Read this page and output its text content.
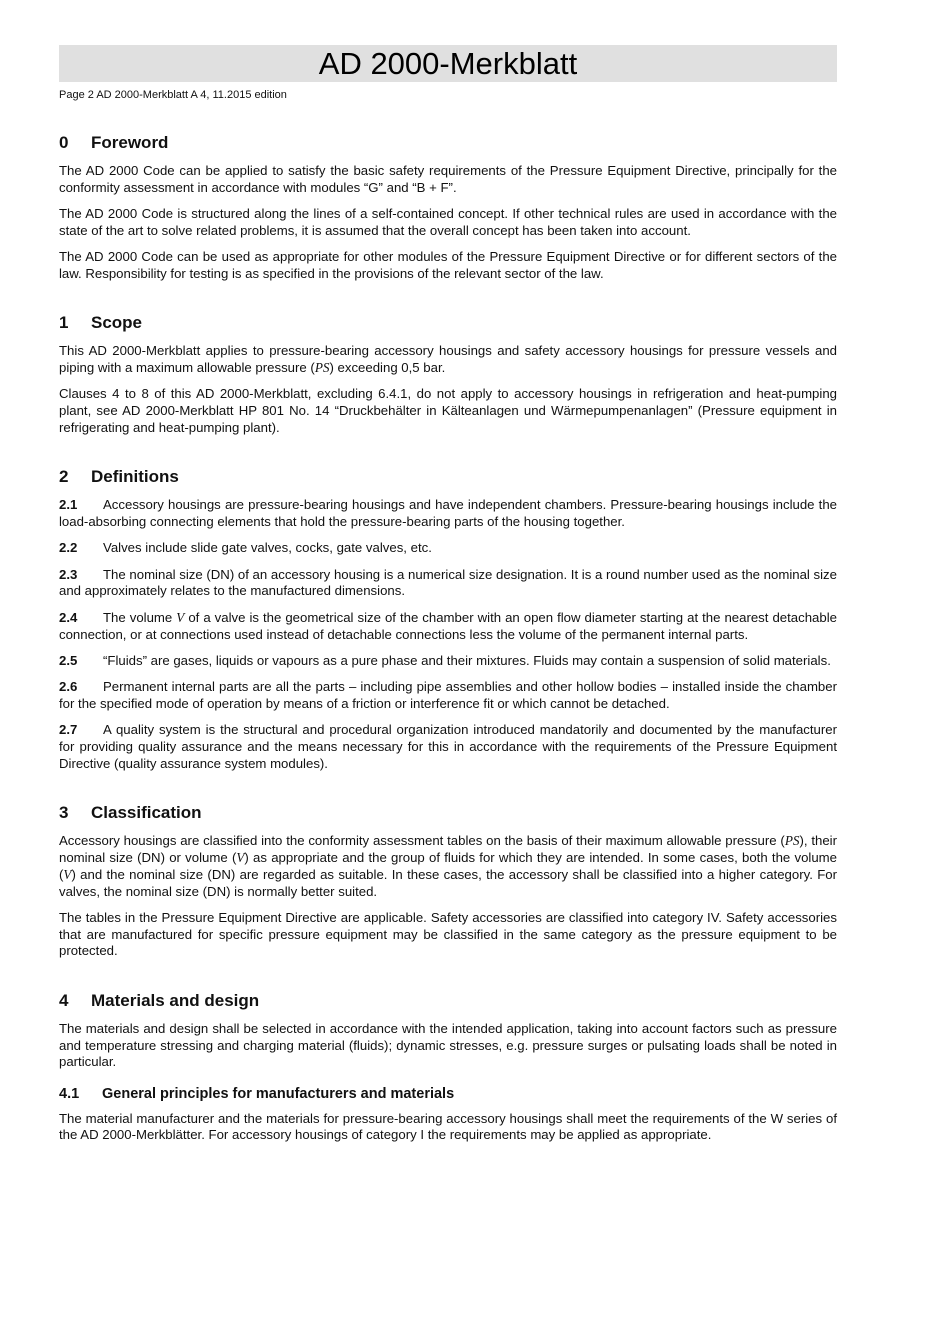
AD 2000-Merkblatt
Page 2 AD 2000-Merkblatt A 4, 11.2015 edition
0 Foreword

The AD 2000 Code can be applied to satisfy the basic safety requirements of the Pressure Equipment Directive, principally for the conformity assessment in accordance with modules “G” and “B + F”.

The AD 2000 Code is structured along the lines of a self-contained concept. If other technical rules are used in accordance with the state of the art to solve related problems, it is assumed that the overall concept has been taken into account.

The AD 2000 Code can be used as appropriate for other modules of the Pressure Equipment Directive or for different sectors of the law. Responsibility for testing is as specified in the provisions of the relevant sector of the law.

1 Scope

This AD 2000-Merkblatt applies to pressure-bearing accessory housings and safety accessory housings for pressure vessels and piping with a maximum allowable pressure (PS) exceeding 0,5 bar.

Clauses 4 to 8 of this AD 2000-Merkblatt, excluding 6.4.1, do not apply to accessory housings in refrigeration and heat-pumping plant, see AD 2000-Merkblatt HP 801 No. 14 “Druckbehälter in Kälteanlagen und Wärmepumpenanlagen” (Pressure equipment in refrigerating and heat-pumping plant).

2 Definitions

2.1 Accessory housings are pressure-bearing housings and have independent chambers. Pressure-bearing housings include the load-absorbing connecting elements that hold the pressure-bearing parts of the housing together.

2.2 Valves include slide gate valves, cocks, gate valves, etc.

2.3 The nominal size (DN) of an accessory housing is a numerical size designation. It is a round number used as the nominal size and approximately relates to the manufactured dimensions.

2.4 The volume V of a valve is the geometrical size of the chamber with an open flow diameter starting at the nearest detachable connection, or at connections used instead of detachable connections less the volume of the permanent internal parts.

2.5 “Fluids” are gases, liquids or vapours as a pure phase and their mixtures. Fluids may contain a suspension of solid materials.

2.6 Permanent internal parts are all the parts – including pipe assemblies and other hollow bodies – installed inside the chamber for the specified mode of operation by means of a friction or interference fit or which cannot be detached.

2.7 A quality system is the structural and procedural organization introduced mandatorily and documented by the manufacturer for providing quality assurance and the means necessary for this in accordance with the requirements of the Pressure Equipment Directive (quality assurance system modules).

3 Classification

Accessory housings are classified into the conformity assessment tables on the basis of their maximum allowable pressure (PS), their nominal size (DN) or volume (V) as appropriate and the group of fluids for which they are intended. In some cases, both the volume (V) and the nominal size (DN) are regarded as suitable. In these cases, the accessory shall be classified into a higher category. For valves, the nominal size (DN) is normally better suited.

The tables in the Pressure Equipment Directive are applicable. Safety accessories are classified into category IV. Safety accessories that are manufactured for specific pressure equipment may be classified in the same category as the pressure equipment to be protected.

4 Materials and design

The materials and design shall be selected in accordance with the intended application, taking into account factors such as pressure and temperature stressing and charging material (fluids); dynamic stresses, e.g. pressure surges or pulsating loads shall be noted in particular.

4.1 General principles for manufacturers and materials

The material manufacturer and the materials for pressure-bearing accessory housings shall meet the requirements of the W series of the AD 2000-Merkblätter. For accessory housings of category I the requirements may be applied as appropriate.
